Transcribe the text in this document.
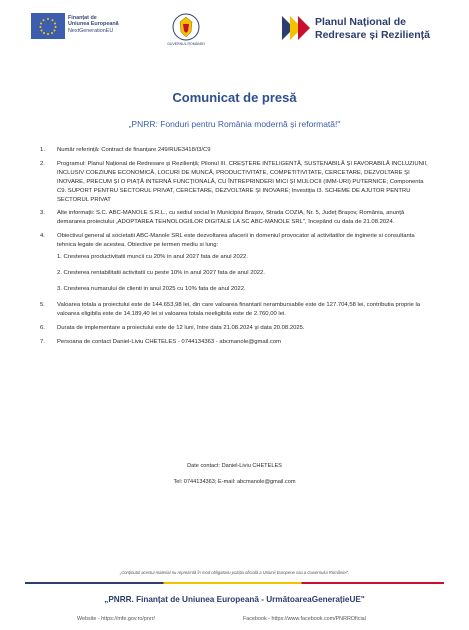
Finanțat de
Uniunea Europeană
NextGenerationEU
GUVERNUL ROMÂNIEI
Planul Național de
Redresare și Reziliență
Comunicat de presă
„PNRR: Fonduri pentru România modernă și reformată!"
1. Număr referință: Contract de finanțare 249/RUE3418/I3/C9
2. Programul: Planul Național de Redresare și Reziliență; Pilonul III. CREȘTERE INTELIGENTĂ, SUSTENABILĂ ȘI FAVORABILĂ INCLUZIUNII, INCLUSIV COEZIUNE ECONOMICĂ, LOCURI DE MUNCĂ, PRODUCTIVITATE, COMPETITIVITATE, CERCETARE, DEZVOLTARE ȘI INOVARE, PRECUM ȘI O PIAȚĂ INTERNĂ FUNCȚIONALĂ, CU ÎNTREPRINDERI MICI ȘI MIJLOCII (IMM-URI) PUTERNICE; Componenta C9. SUPORT PENTRU SECTORUL PRIVAT, CERCETARE, DEZVOLTARE ȘI INOVARE; Investiția I3. SCHEME DE AJUTOR PENTRU SECTORUL PRIVAT
3. Alte informații: S.C. ABC-MANOLE S.R.L., cu sediul social în Municipiul Brașov, Strada COZIA, Nr. 5, Județ Brașov, România, anunță demararea proiectului „ADOPTAREA TEHNOLOGIILOR DIGITALE LA SC ABC-MANOLE SRL", începând cu data de 21.08.2024.
4. Obiectivul general al societatii ABC-Manole SRL este dezvoltarea afacerii in domeniul provocator al activitatilor de inginerie si consultanta tehnica legate de acestea. Obiective pe termen mediu si lung:
1. Cresterea productivitatii muncii cu 20% in anul 2027 fata de anul 2022.
2. Cresterea rentabilitatii activitatii cu peste 10% in anul 2027 fata de anul 2022.
3. Cresterea numarului de clienti in anul 2025 cu 10% fata de anul 2022.
5. Valoarea totala a proiectului este de 144.653,98 lei, din care valoarea finantarii nerambursabile este de 127.704,58 lei, contributia proprie la valoarea eligibila este de 14.189,40 lei si valoarea totala neeligibila este de 2.760,00 lei.
6. Durata de implementare a proiectului este de 12 luni, între data 21.08.2024 și data 20.08.2025.
7. Persoana de contact Daniel-Liviu CHETELES - 0744134363 - abcmanole@gmail.com
Date contact: Daniel-Liviu CHETELES
Tel: 0744134363; E-mail: abcmanole@gmail.com
„Conținutul acestui material nu reprezintă în mod obligatoriu poziția oficială a Uniunii Europene sau a Guvernului României".
„PNRR. Finanțat de Uniunea Europeană - UrmătoareaGenerațieUE"
Website - https://mfe.gov.ro/pnrr/	Facebook - https://www.facebook.com/PNRROficial
